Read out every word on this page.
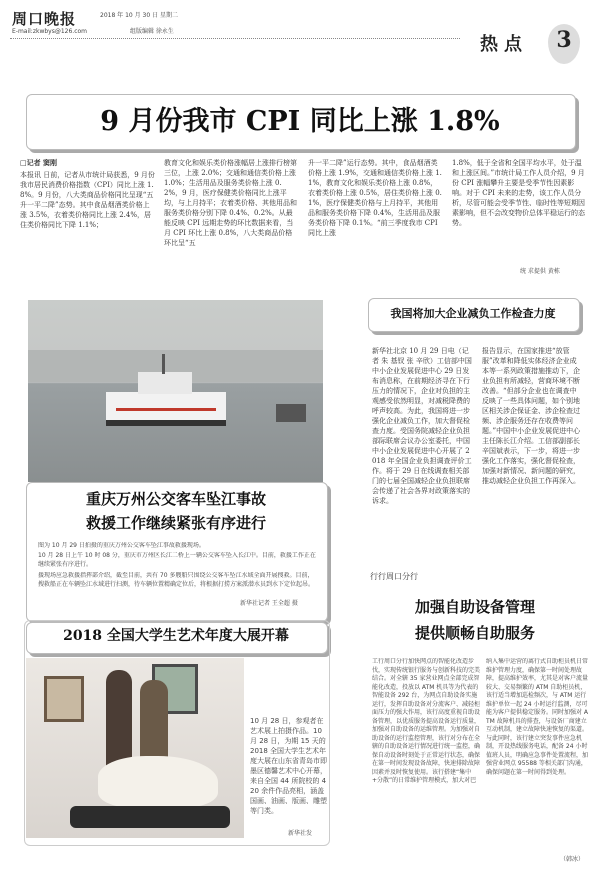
周口晚报	2018 年 10 月 30 日 星期二
E-mail:zkwbys@126.com	组版编辑 徐永生
热点	3
9 月份我市 CPI 同比上涨 1.8%
□记者 窦刚
本报讯 日前，记者从市统计局获悉，9 月份我市居民消费价格指数（CPI）同比上涨 1.8%。9 月份，八大类商品价格同比呈现“五升一平二降”态势。其中食品烟酒类价格上涨 3.5%，衣着类价格同比上涨 2.4%，居住类价格同比下降 1.1%；
教育文化和娱乐类价格涨幅居上涨排行榜第三位，上涨 2.0%；交通和通信类价格上涨 1.0%；生活用品及服务类价格上涨 0.2%，9 月，医疗保健类价格同比上涨平均，与上月持平；衣着类价格、其他用品和服务类价格分别下降 0.4%、0.2%。从最能反映 CPI 远期走势的环比数据来看，当月 CPI 环比上涨 0.8%，八大类商品价格环比呈“五
升一平二降”运行态势。其中，食品烟酒类价格上涨 1.9%，交通和通信类价格上涨 1.1%，教育文化和娱乐类价格上涨 0.8%，衣着类价格上涨 0.5%，居住类价格上涨 0.1%，医疗保健类价格与上月持平，其他用品和服务类价格下降 0.4%，生活用品及服务类价格下降 0.1%。“前三季度我市 CPI 同比上涨
1.8%，低于全省和全国平均水平，处于温和上涨区间。”市统计局工作人员介绍，9 月份 CPI 涨幅攀升主要是受季节性因素影响。对于 CPI 未来的走势，该工作人员分析，尽管可能会受季节性、临时性等短期因素影响，但不会改变物价总体平稳运行的态势。
统 求提供 黄栋
重庆万州公交客车坠江事故
救援工作继续紧张有序进行
图为 10 月 29 日拍摄的重庆万州公交客车坠江事故救援现场。
10 月 28 日上午 10 时 08 分，重庆市万州区长江二桥上一辆公交客车坠入长江中。目前，救援工作正在继续紧张有序进行。
援现场应急救援指挥部介绍，截至目前，共有 70 多艘船只围绕公交客车坠江水域全面开展搜救。目前，搜救船正在车辆坠江水域进行扫测，待车辆位置精确定位后，将根据打捞方案派潜水员到水下定位起吊。
新华社记者 王全超 摄
我国将加大企业减负工作检查力度
新华社北京 10 月 29 日电（记者 朱 基钗 张 辛欣）工信部中国中小企业发展促进中心 29 日发布消息称，在前期经济寻在下行压力的情况下，企业对负担的主观感受依然明显，对减税降费的呼声较高。为此，我国将进一步强化企业减负工作，加大督促检查力度。受国务院减轻企业负担部际联席会议办公室委托，中国中小企业发展促进中心开展了 2018 年全国企业负担调查评价工作。将于 29 日在线调查相关部门的七届全国减轻企业负担联席会传递了社会各界对政策落实的诉求。
报告显示，在国家推进“放管服”改革和降低实体经济企业成本等一系列政策措施推动下，企业负担有所减轻，营商环境不断改善。“但部分企业也在调查中反映了一些具体问题，如个别地区相关涉企保证金、涉企检查过频、涉企服务还存在收费等问题。”中国中小企业发展促进中心主任陈长江介绍。工信部副部长辛国斌表示，下一步，将进一步强化工作落实，强化督促检查，加强对新情况、新问题的研究，推动减轻企业负担工作再深入。
行行周口分行
加强自助设备管理
提供顺畅自助服务
工行周口分行加快网点的智能化改造步伐，实现传统银行服务与创新科技的完美结合。对全辖 35 家营业网点全部完成智能化改造，投放以 ATM 机具等为代表的智能设备 292 台，为网点自助设备实施运行，发挥自助设备对分流客户、减轻柜面压力的强大作用，该行高度重视自助设备管理，以优质服务提高设备运行质量，加强对自助设备的运维管理。为加强对自助设备的运行监控管理，该行对分布在全辖的自助设备运行情况进行统一监控，确保自动设备时刻处于正常运行状态，确保在第一时间发现设备故障，快速排除故障因素并及时恢复使用。该行搭建“集中+分散”的日常维护管理模式，加大对巴
纳入集中运营的离行式自助柜员机日常维护管理力度，确保第一时间处理故障，提高维护效率，尤其是对客户流量较大、交易频繁的 ATM 自助柜员机，该行适当增加巡检频次，与 ATM 运行维护单位一起 24 小时运行监测，尽可能为客户提供稳定服务。同时加强对 ATM 故障机具的排查，与设备厂商建立互动机制，建立故障快速恢复的渠道。与此同时，该行建立突发事件应急机制，开设热线服务电话，配备 24 小时值班人员，明确应急事件处置流程，加强营业网点 95588 等相关部门沟通，确保问题在第一时间得到处理。
（韩冰）
2018 全国大学生艺术年度大展开幕
10 月 28 日，参观者在艺术展上拍摄作品。10 月 28 日，为期 15 天的 2018 全国大学生艺术年度大展在山东省青岛市即墨区德馨艺术中心开幕，来自全国 44 所院校的 420 余件作品亮相，涵盖国画、油画、版画、雕塑等门类。
新华社发
